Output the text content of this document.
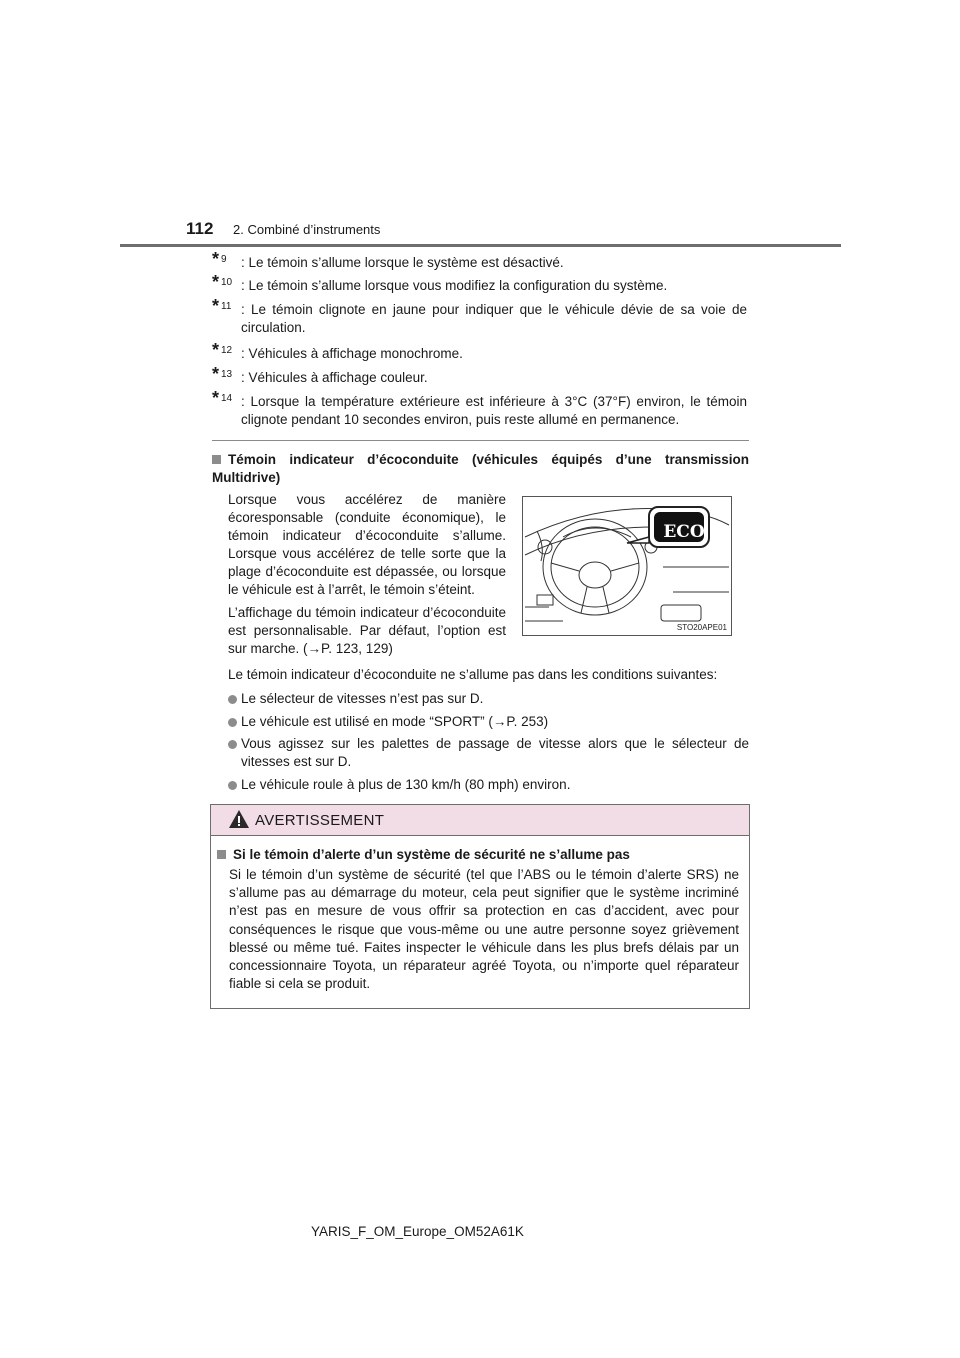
112 2. Combiné d’instruments
* 9 : Le témoin s’allume lorsque le système est désactivé.
* 10 : Le témoin s’allume lorsque vous modifiez la configuration du système.
* 11 : Le témoin clignote en jaune pour indiquer que le véhicule dévie de sa voie de circulation.
* 12 : Véhicules à affichage monochrome.
* 13 : Véhicules à affichage couleur.
* 14 : Lorsque la température extérieure est inférieure à 3°C (37°F) environ, le témoin clignote pendant 10 secondes environ, puis reste allumé en permanence.
Témoin indicateur d’écoconduite (véhicules équipés d’une transmission Multidrive)
Lorsque vous accélérez de manière écoresponsable (conduite économique), le témoin indicateur d’écoconduite s’allume. Lorsque vous accélérez de telle sorte que la plage d’écoconduite est dépassée, ou lorsque le véhicule est à l’arrêt, le témoin s’éteint.
L’affichage du témoin indicateur d’écoconduite est personnalisable. Par défaut, l’option est sur marche. (→P. 123, 129)
ECO
STO20APE01
Le témoin indicateur d’écoconduite ne s’allume pas dans les conditions suivantes:
Le sélecteur de vitesses n’est pas sur D.
Le véhicule est utilisé en mode “SPORT” (→P. 253)
Vous agissez sur les palettes de passage de vitesse alors que le sélecteur de vitesses est sur D.
Le véhicule roule à plus de 130 km/h (80 mph) environ.
AVERTISSEMENT
Si le témoin d’alerte d’un système de sécurité ne s’allume pas
Si le témoin d’un système de sécurité (tel que l’ABS ou le témoin d’alerte SRS) ne s’allume pas au démarrage du moteur, cela peut signifier que le système incriminé n’est pas en mesure de vous offrir sa protection en cas d’accident, avec pour conséquences le risque que vous-même ou une autre personne soyez grièvement blessé ou même tué. Faites inspecter le véhicule dans les plus brefs délais par un concessionnaire Toyota, un réparateur agréé Toyota, ou n’importe quel réparateur fiable si cela se produit.
YARIS_F_OM_Europe_OM52A61K
